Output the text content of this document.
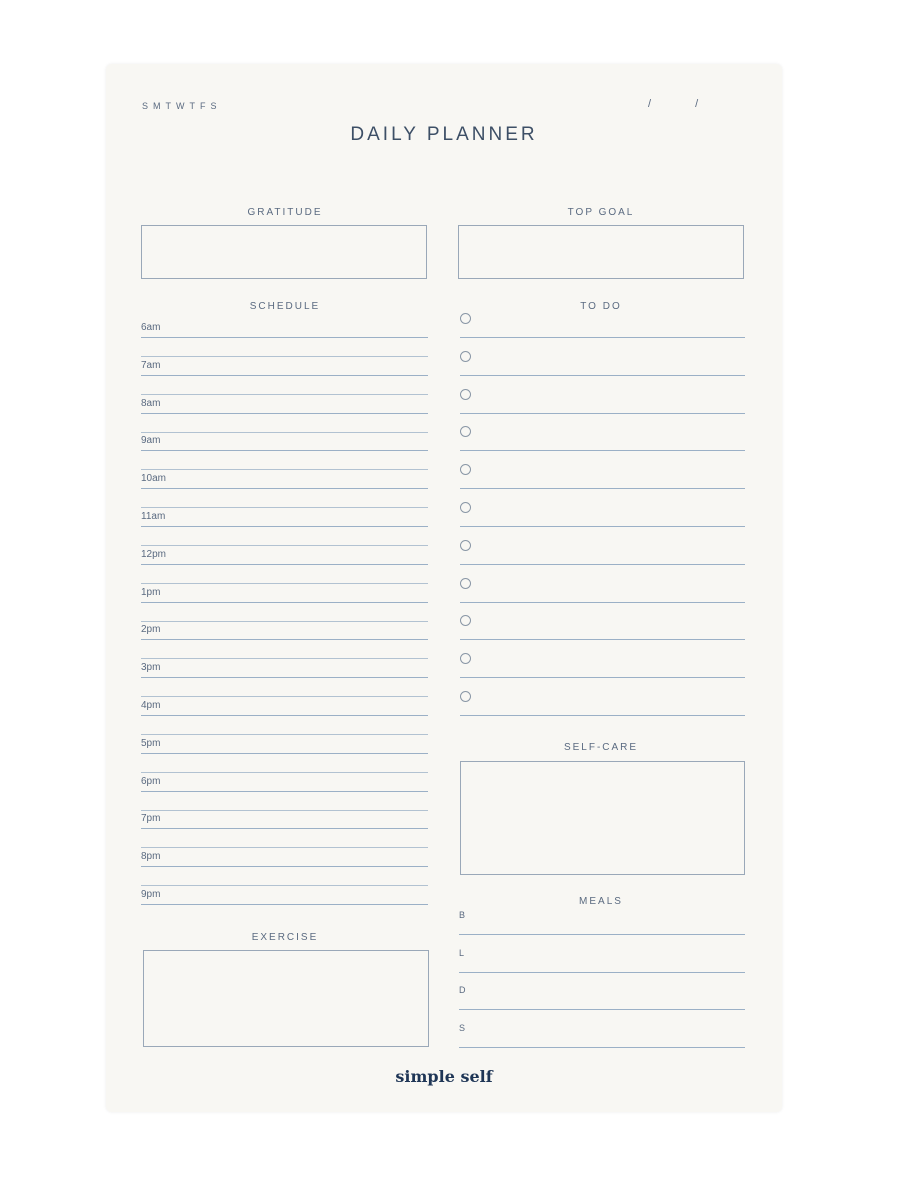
SMTWTFS	/	/
DAILY PLANNER
GRATITUDE	TOP GOAL
SCHEDULE	TO DO
SELF-CARE
EXERCISE
MEALS
simple self
6am
7am
8am
9am
10am
11am
12pm
1pm
2pm
3pm
4pm
5pm
6pm
7pm
8pm
9pm
B
L
D
S
